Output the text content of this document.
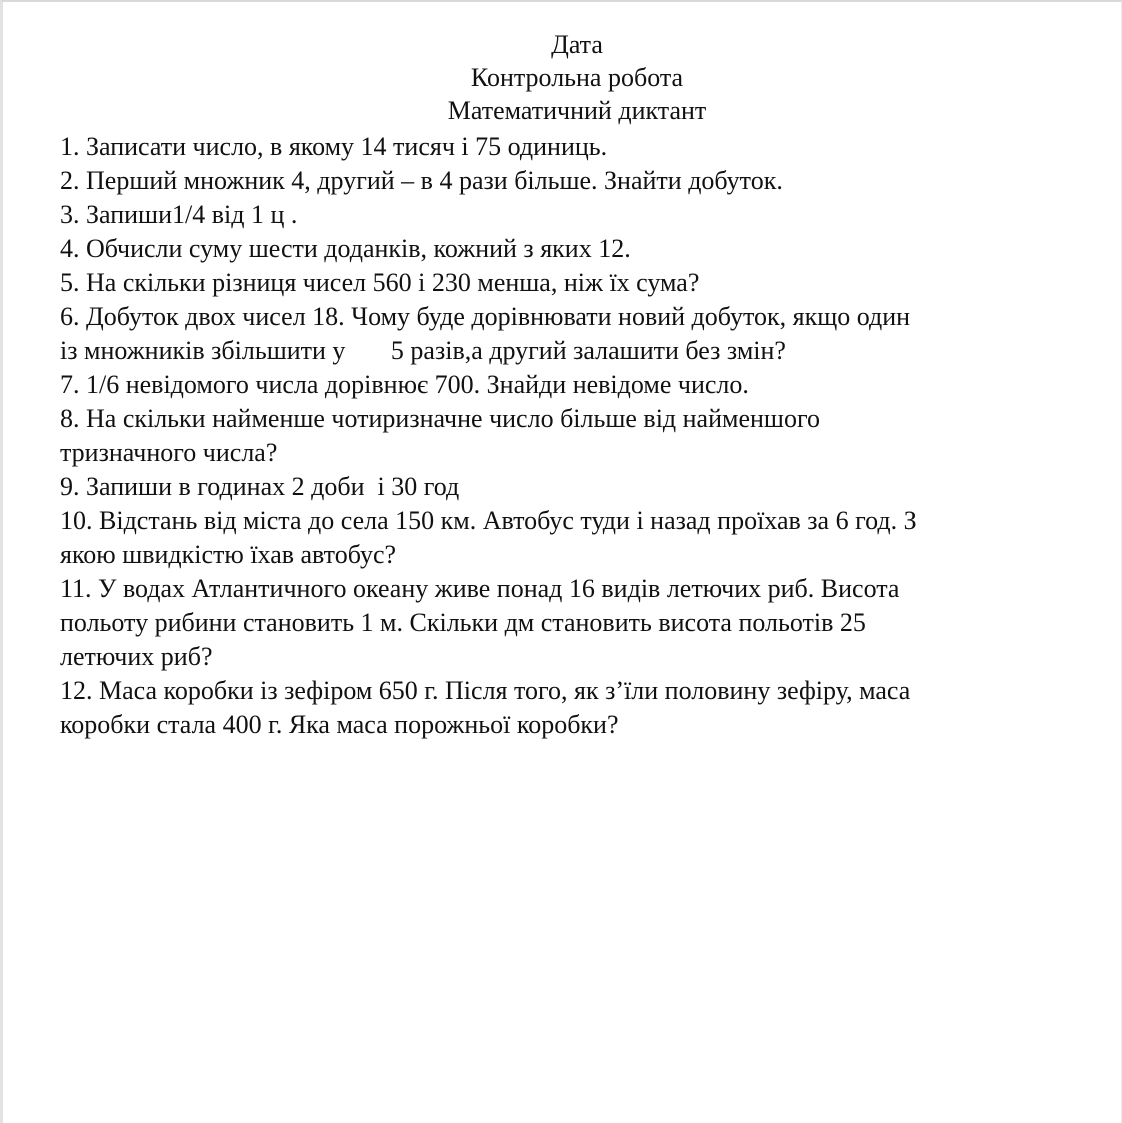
Дата
Контрольна робота
Математичний диктант
1. Записати число, в якому 14 тисяч і 75 одиниць.
2. Перший множник 4, другий – в 4 рази більше. Знайти добуток.
3. Запиши1/4 від 1 ц .
4. Обчисли суму шести доданків, кожний з яких 12.
5. На скільки різниця чисел 560 і 230 менша, ніж їх сума?
6. Добуток двох чисел 18. Чому буде дорівнювати новий добуток, якщо один
із множників збільшити у       5 разів,а другий залашити без змін?
7. 1/6 невідомого числа дорівнює 700. Знайди невідоме число.
8. На скільки найменше чотиризначне число більше від найменшого
тризначного числа?
9. Запиши в годинах 2 доби  і 30 год
10. Відстань від міста до села 150 км. Автобус туди і назад проїхав за 6 год. З
якою швидкістю їхав автобус?
11. У водах Атлантичного океану живе понад 16 видів летючих риб. Висота
польоту рибини становить 1 м. Скільки дм становить висота польотів 25
летючих риб?
12. Маса коробки із зефіром 650 г. Після того, як з’їли половину зефіру, маса
коробки стала 400 г. Яка маса порожньої коробки?
